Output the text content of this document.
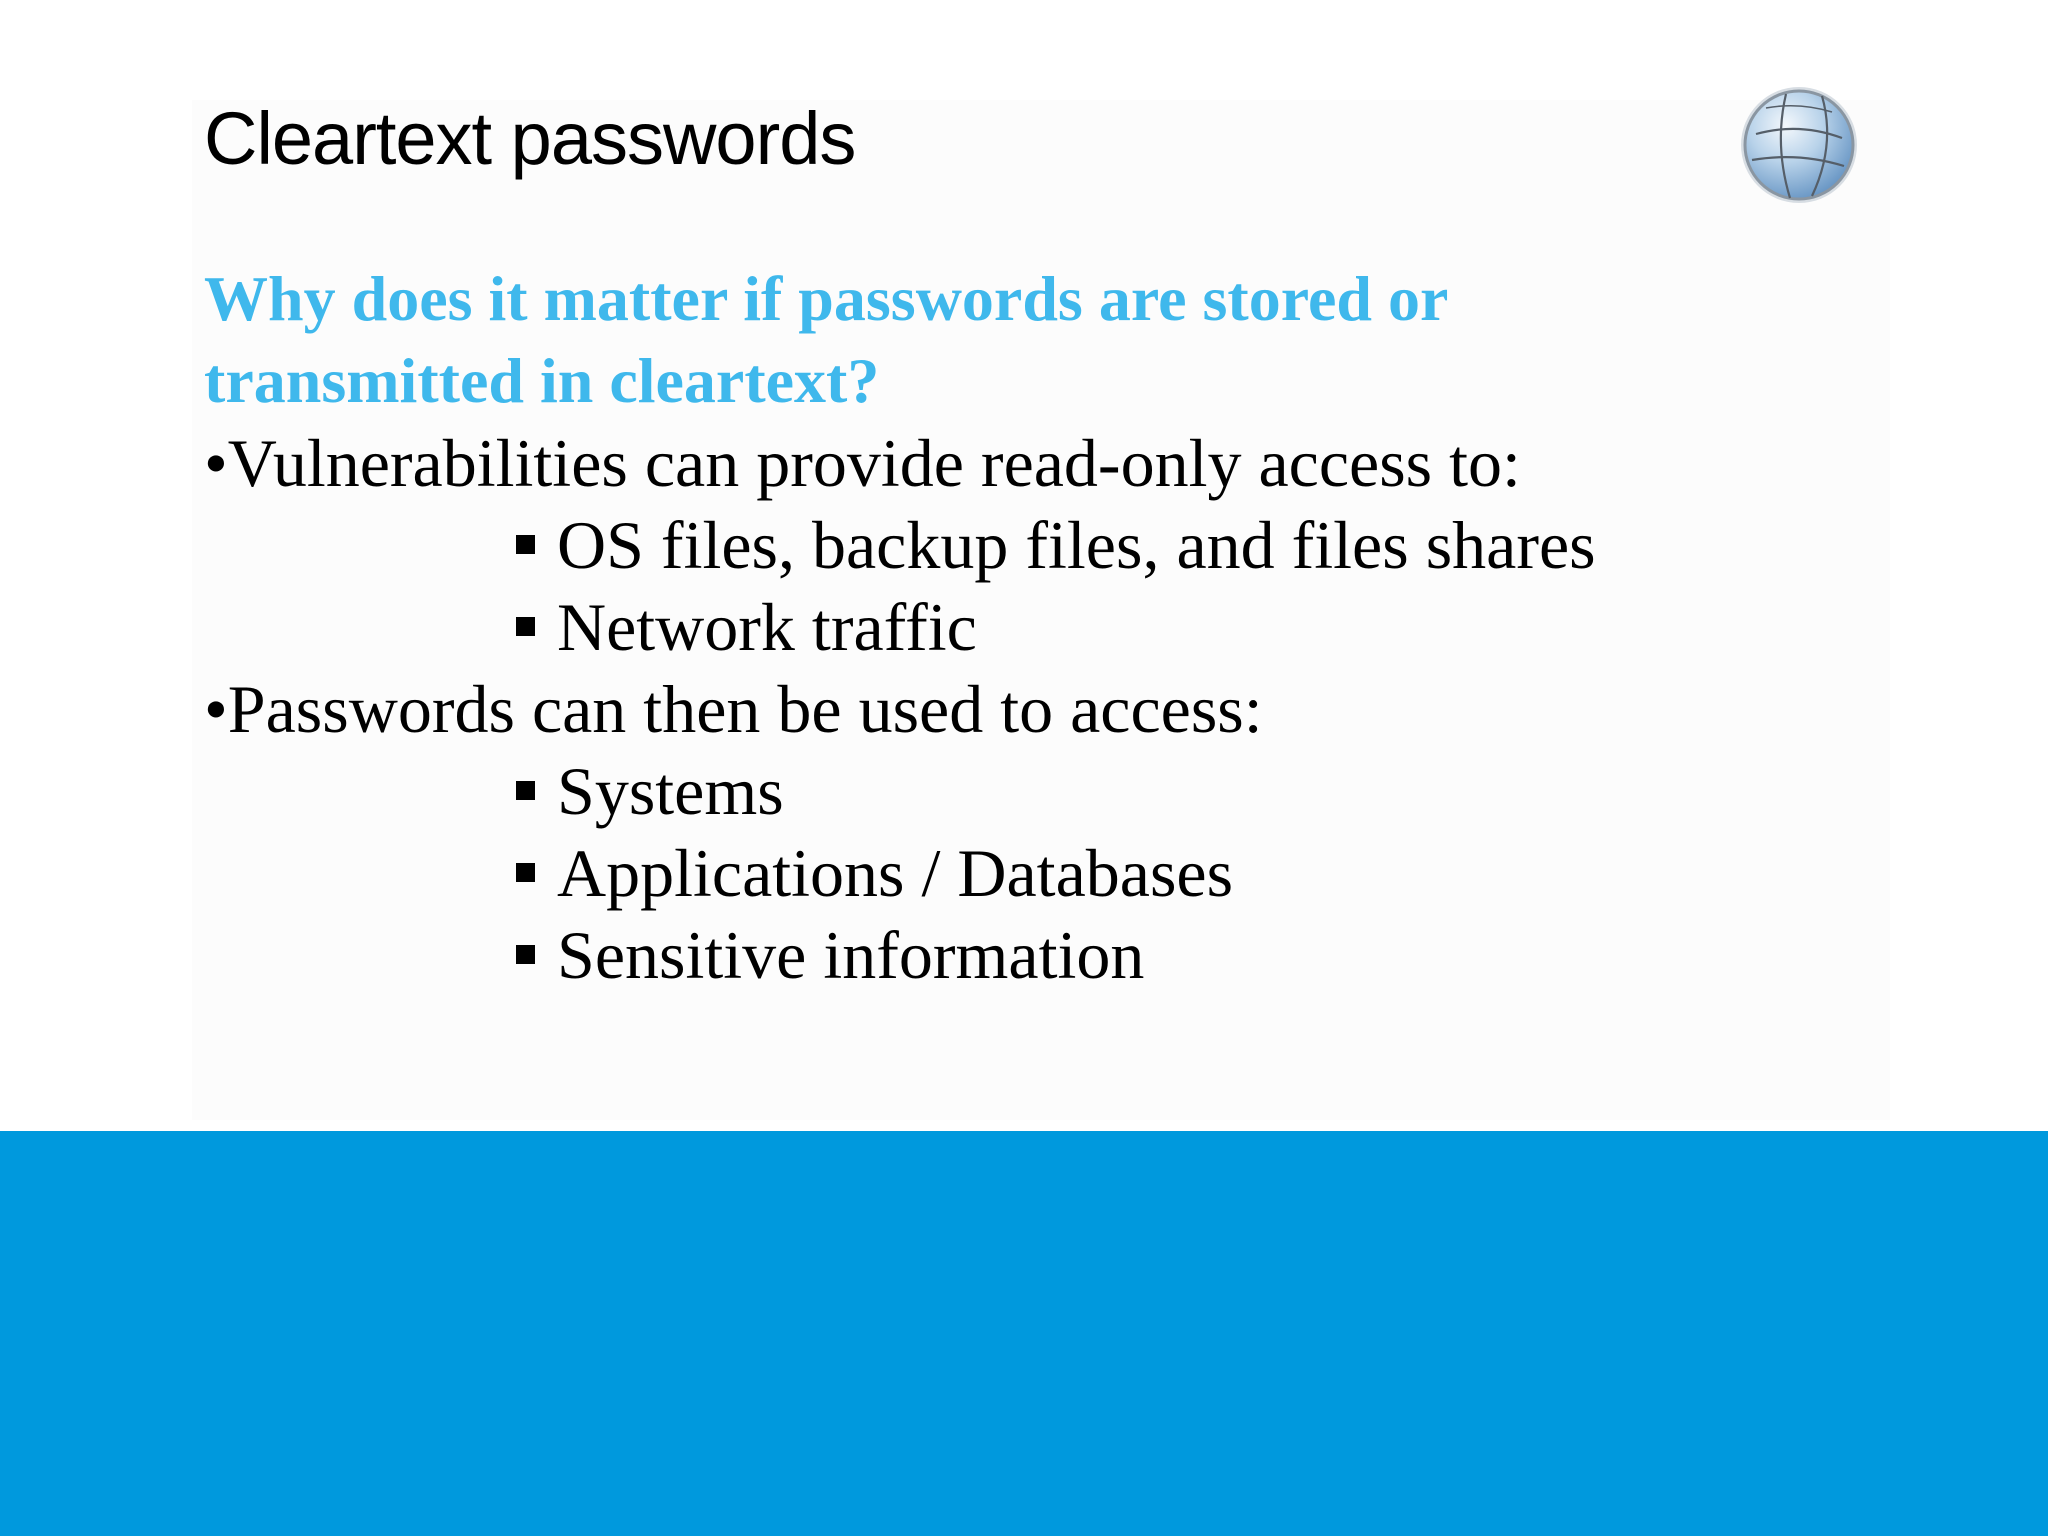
Cleartext passwords

Why does it matter if passwords are stored or

transmitted in cleartext?

•Vulnerabilities can provide read-only access to:

OS files, backup files, and files shares
Network traffic

•Passwords can then be used to access:

Systems
Applications / Databases
Sensitive information
